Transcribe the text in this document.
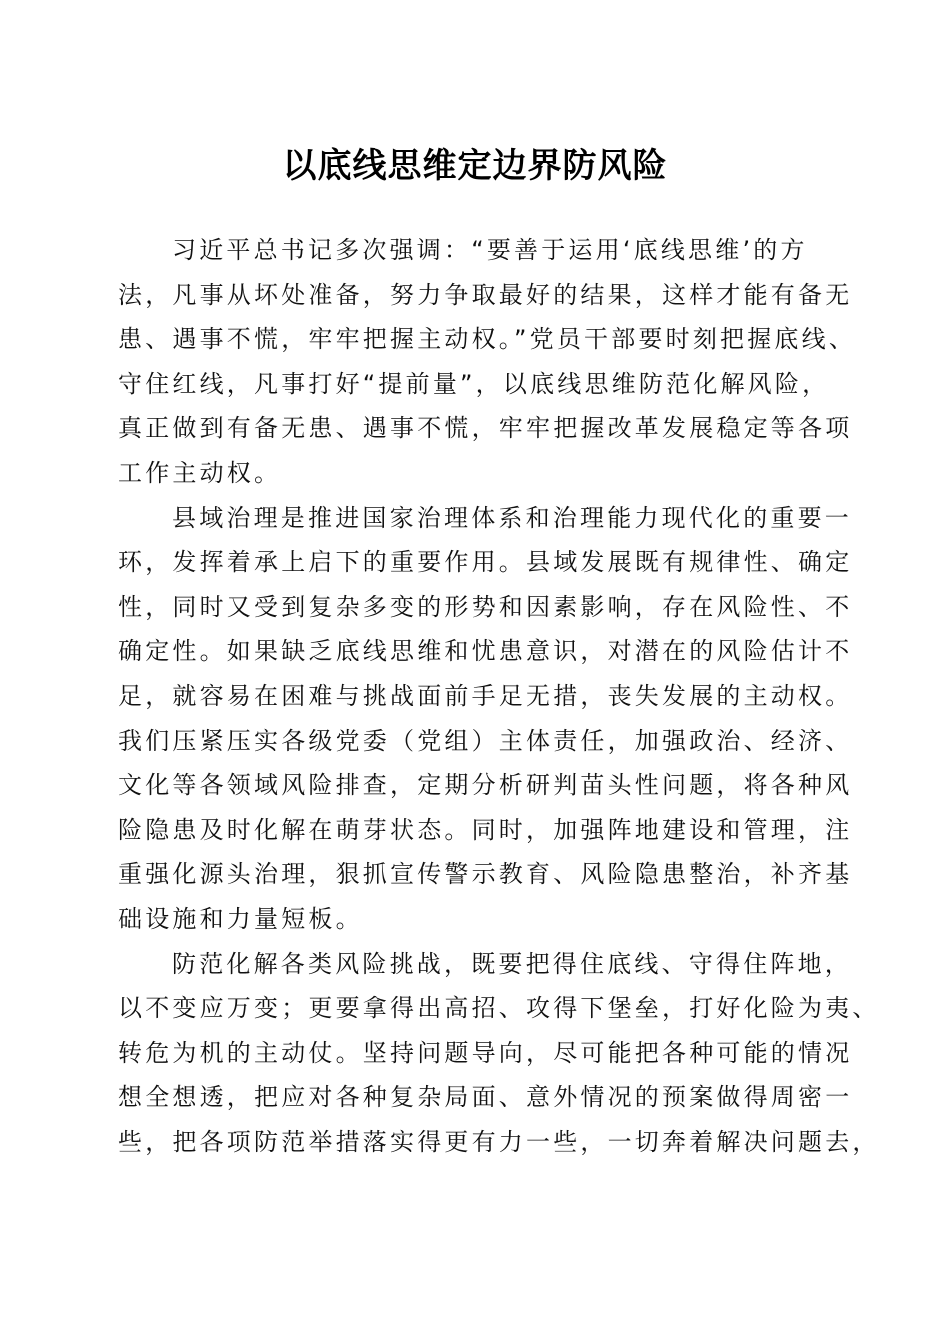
以底线思维定边界防风险
习近平总书记多次强调：“要善于运用‘底线思维’的方
法，凡事从坏处准备，努力争取最好的结果，这样才能有备无
患、遇事不慌，牢牢把握主动权。”党员干部要时刻把握底线、
守住红线，凡事打好“提前量”，以底线思维防范化解风险，
真正做到有备无患、遇事不慌，牢牢把握改革发展稳定等各项
工作主动权。
县域治理是推进国家治理体系和治理能力现代化的重要一
环，发挥着承上启下的重要作用。县域发展既有规律性、确定
性，同时又受到复杂多变的形势和因素影响，存在风险性、不
确定性。如果缺乏底线思维和忧患意识，对潜在的风险估计不
足，就容易在困难与挑战面前手足无措，丧失发展的主动权。
我们压紧压实各级党委（党组）主体责任，加强政治、经济、
文化等各领域风险排查，定期分析研判苗头性问题，将各种风
险隐患及时化解在萌芽状态。同时，加强阵地建设和管理，注
重强化源头治理，狠抓宣传警示教育、风险隐患整治，补齐基
础设施和力量短板。
防范化解各类风险挑战，既要把得住底线、守得住阵地，
以不变应万变；更要拿得出高招、攻得下堡垒，打好化险为夷、
转危为机的主动仗。坚持问题导向，尽可能把各种可能的情况
想全想透，把应对各种复杂局面、意外情况的预案做得周密一
些，把各项防范举措落实得更有力一些，一切奔着解决问题去，
